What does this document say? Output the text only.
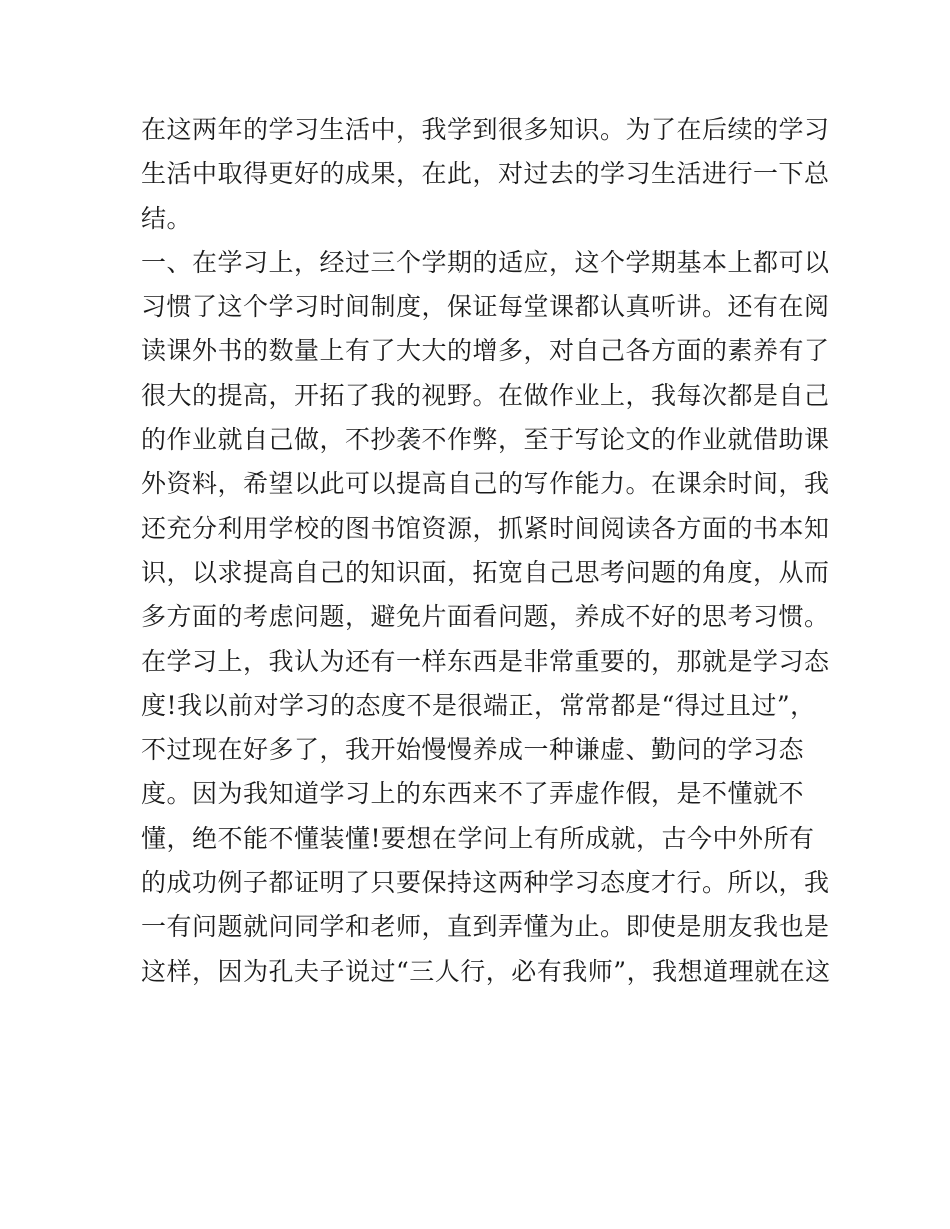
在这两年的学习生活中，我学到很多知识。为了在后续的学习
生活中取得更好的成果，在此，对过去的学习生活进行一下总
结。
一、在学习上，经过三个学期的适应，这个学期基本上都可以
习惯了这个学习时间制度，保证每堂课都认真听讲。还有在阅
读课外书的数量上有了大大的增多，对自己各方面的素养有了
很大的提高，开拓了我的视野。在做作业上，我每次都是自己
的作业就自己做，不抄袭不作弊，至于写论文的作业就借助课
外资料，希望以此可以提高自己的写作能力。在课余时间，我
还充分利用学校的图书馆资源，抓紧时间阅读各方面的书本知
识，以求提高自己的知识面，拓宽自己思考问题的角度，从而
多方面的考虑问题，避免片面看问题，养成不好的思考习惯。
在学习上，我认为还有一样东西是非常重要的，那就是学习态
度!我以前对学习的态度不是很端正，常常都是“得过且过”，
不过现在好多了，我开始慢慢养成一种谦虚、勤问的学习态
度。因为我知道学习上的东西来不了弄虚作假，是不懂就不
懂，绝不能不懂装懂!要想在学问上有所成就，古今中外所有
的成功例子都证明了只要保持这两种学习态度才行。所以，我
一有问题就问同学和老师，直到弄懂为止。即使是朋友我也是
这样，因为孔夫子说过“三人行，必有我师”，我想道理就在这
